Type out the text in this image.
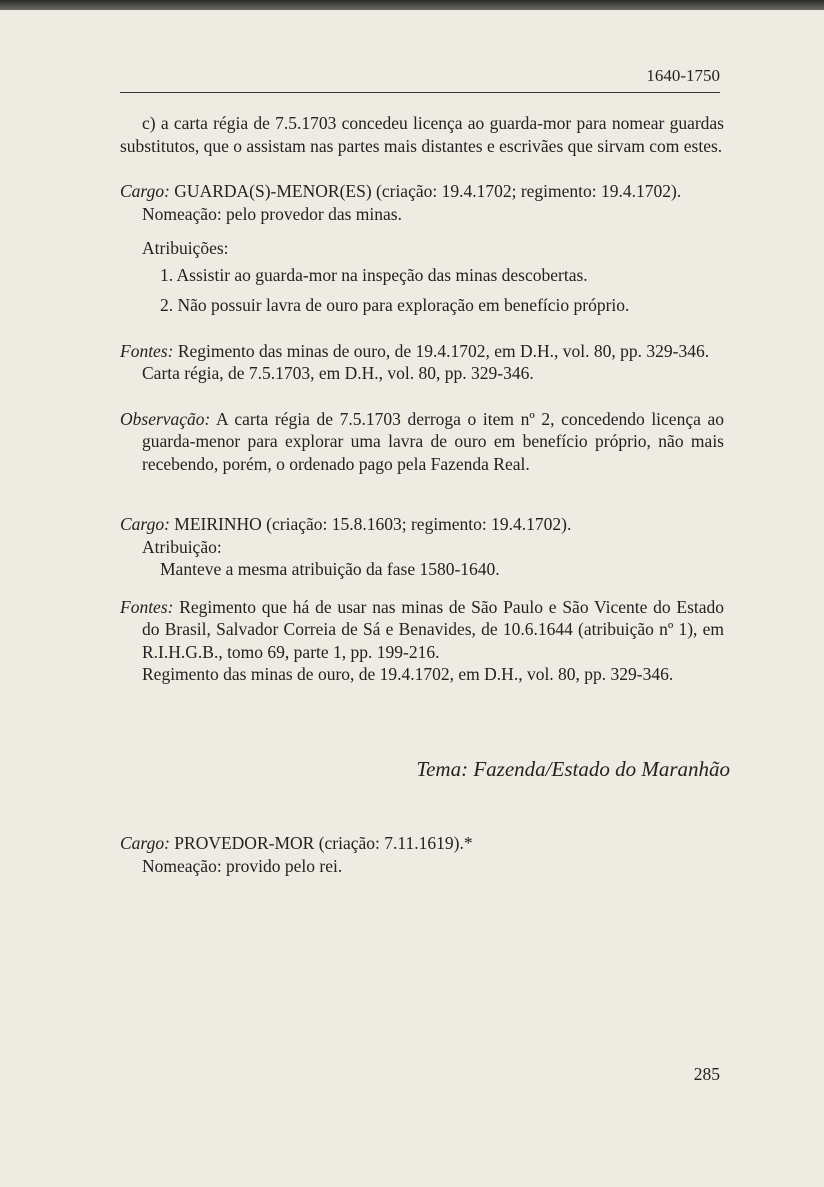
1640-1750

c) a carta régia de 7.5.1703 concedeu licença ao guarda-mor para nomear guardas substitutos, que o assistam nas partes mais distantes e escrivães que sirvam com estes.

Cargo: GUARDA(S)-MENOR(ES) (criação: 19.4.1702; regimento: 19.4.1702).

Nomeação: pelo provedor das minas.

Atribuições:

1. Assistir ao guarda-mor na inspeção das minas descobertas.

2. Não possuir lavra de ouro para exploração em benefício próprio.

Fontes: Regimento das minas de ouro, de 19.4.1702, em D.H., vol. 80, pp. 329-346.

Carta régia, de 7.5.1703, em D.H., vol. 80, pp. 329-346.

Observação: A carta régia de 7.5.1703 derroga o item nº 2, concedendo licença ao guarda-menor para explorar uma lavra de ouro em benefício próprio, não mais recebendo, porém, o ordenado pago pela Fazenda Real.

Cargo: MEIRINHO (criação: 15.8.1603; regimento: 19.4.1702).

Atribuição:

Manteve a mesma atribuição da fase 1580-1640.

Fontes: Regimento que há de usar nas minas de São Paulo e São Vicente do Estado do Brasil, Salvador Correia de Sá e Benavides, de 10.6.1644 (atribuição nº 1), em R.I.H.G.B., tomo 69, parte 1, pp. 199-216.

Regimento das minas de ouro, de 19.4.1702, em D.H., vol. 80, pp. 329-346.

Tema: Fazenda/Estado do Maranhão

Cargo: PROVEDOR-MOR (criação: 7.11.1619).*

Nomeação: provido pelo rei.

285
